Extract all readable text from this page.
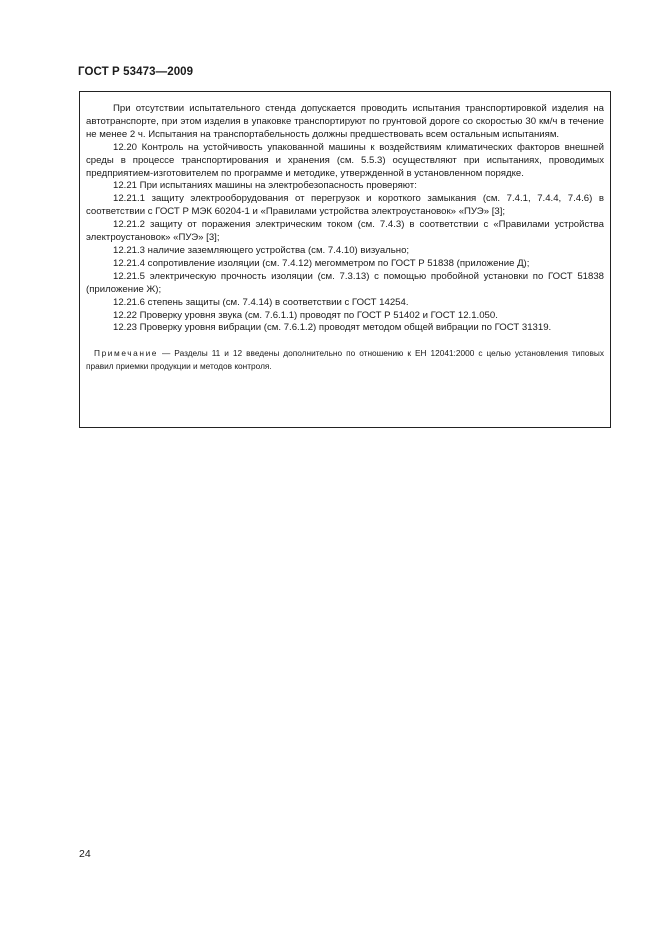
ГОСТ Р 53473—2009

При отсутствии испытательного стенда допускается проводить испытания транспортировкой изделия на автотранспорте, при этом изделия в упаковке транспортируют по грунтовой дороге со скоростью 30 км/ч в течение не менее 2 ч. Испытания на транспортабельность должны предшествовать всем остальным испытаниям.

12.20 Контроль на устойчивость упакованной машины к воздействиям климатических факторов внешней среды в процессе транспортирования и хранения (см. 5.5.3) осуществляют при испытаниях, проводимых предприятием-изготовителем по программе и методике, утвержденной в установленном порядке.

12.21 При испытаниях машины на электробезопасность проверяют:

12.21.1 защиту электрооборудования от перегрузок и короткого замыкания (см. 7.4.1, 7.4.4, 7.4.6) в соответствии с ГОСТ Р МЭК 60204-1 и «Правилами устройства электроустановок» «ПУЭ» [3];

12.21.2 защиту от поражения электрическим током (см. 7.4.3) в соответствии с «Правилами устройства электроустановок» «ПУЭ» [3];

12.21.3 наличие заземляющего устройства (см. 7.4.10) визуально;

12.21.4 сопротивление изоляции (см. 7.4.12) мегомметром по ГОСТ Р 51838 (приложение Д);

12.21.5 электрическую прочность изоляции (см. 7.3.13) с помощью пробойной установки по ГОСТ 51838 (приложение Ж);

12.21.6 степень защиты (см. 7.4.14) в соответствии с ГОСТ 14254.

12.22 Проверку уровня звука (см. 7.6.1.1) проводят по ГОСТ Р 51402 и ГОСТ 12.1.050.

12.23 Проверку уровня вибрации (см. 7.6.1.2) проводят методом общей вибрации по ГОСТ 31319.

Примечание — Разделы 11 и 12 введены дополнительно по отношению к ЕН 12041:2000 с целью установления типовых правил приемки продукции и методов контроля.

24
